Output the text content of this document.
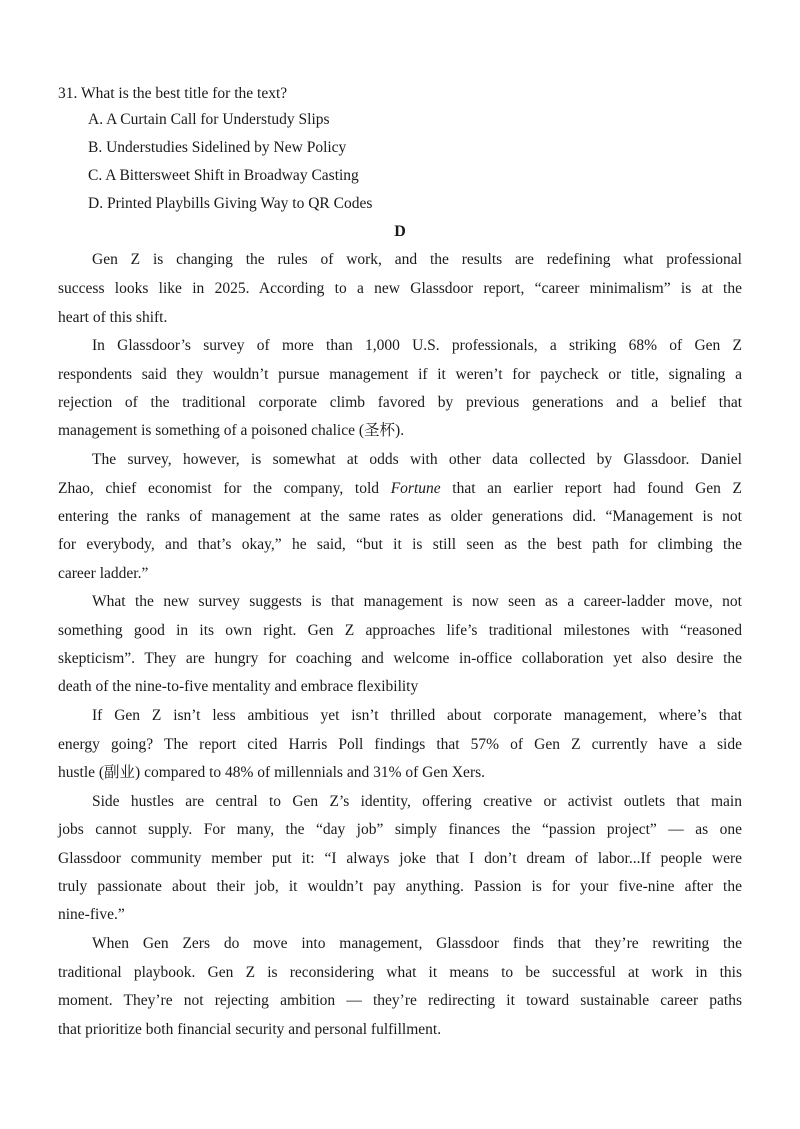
31. What is the best title for the text?

A. A Curtain Call for Understudy Slips

B. Understudies Sidelined by New Policy

C. A Bittersweet Shift in Broadway Casting

D. Printed Playbills Giving Way to QR Codes

D

Gen Z is changing the rules of work, and the results are redefining what professional

success looks like in 2025. According to a new Glassdoor report, “career minimalism” is at the

heart of this shift.

In Glassdoor’s survey of more than 1,000 U.S. professionals, a striking 68% of Gen Z

respondents said they wouldn’t pursue management if it weren’t for paycheck or title, signaling a

rejection of the traditional corporate climb favored by previous generations and a belief that

management is something of a poisoned chalice (圣杯).

The survey, however, is somewhat at odds with other data collected by Glassdoor. Daniel

Zhao, chief economist for the company, told Fortune that an earlier report had found Gen Z

entering the ranks of management at the same rates as older generations did. “Management is not

for everybody, and that’s okay,” he said, “but it is still seen as the best path for climbing the

career ladder.”

What the new survey suggests is that management is now seen as a career-ladder move, not

something good in its own right. Gen Z approaches life’s traditional milestones with “reasoned

skepticism”. They are hungry for coaching and welcome in-office collaboration yet also desire the

death of the nine-to-five mentality and embrace flexibility

If Gen Z isn’t less ambitious yet isn’t thrilled about corporate management, where’s that

energy going? The report cited Harris Poll findings that 57% of Gen Z currently have a side

hustle (副业) compared to 48% of millennials and 31% of Gen Xers.

Side hustles are central to Gen Z’s identity, offering creative or activist outlets that main

jobs cannot supply. For many, the “day job” simply finances the “passion project” — as one

Glassdoor community member put it: “I always joke that I don’t dream of labor...If people were

truly passionate about their job, it wouldn’t pay anything. Passion is for your five-nine after the

nine-five.”

When Gen Zers do move into management, Glassdoor finds that they’re rewriting the

traditional playbook. Gen Z is reconsidering what it means to be successful at work in this

moment. They’re not rejecting ambition — they’re redirecting it toward sustainable career paths

that prioritize both financial security and personal fulfillment.
